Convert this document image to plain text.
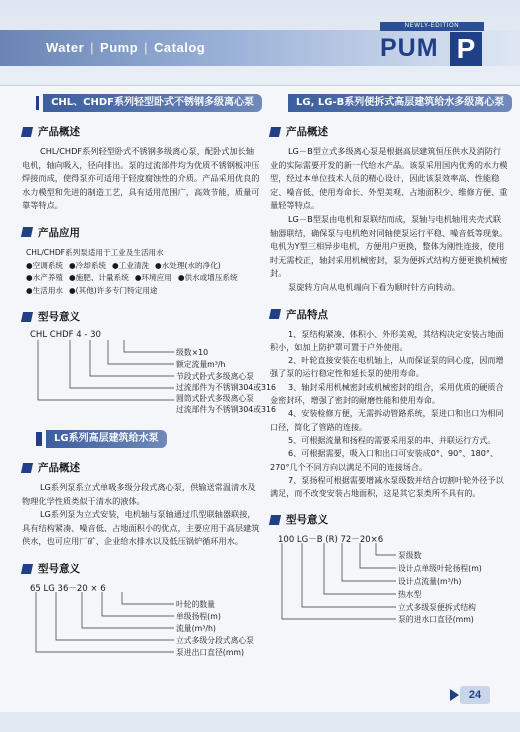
Water | Pump | Catalog
NEWLY-EDITION
PUM P
CHL、CHDF系列轻型卧式不锈钢多级离心泵
产品概述
CHL/CHDF系列轻型卧式不锈钢多级离心泵，配卧式加长轴电机，轴向吸入，径向排出。泵的过流部件均为优质不锈钢板冲压焊接而成，使得泵亦可适用于轻度腐蚀性的介质。产品采用优良的水力模型和先进的制造工艺，具有适用范围广，高效节能，质量可靠等特点。
产品应用
CHL/CHDF系列泵适用于工业及生活用水
●空调系统 ●冷却系统 ●工业清洗 ●水处理(水的净化)
●水产养殖 ●施肥、计量系统 ●环境应用 ●供水或增压系统
●生活用水 ●(其他)许多专门特定用途
型号意义
CHL CHDF 4 - 30
级数×10
额定流量m³/h
节段式卧式多级离心泵
过流部件为不锈钢304或316
圆筒式卧式多级离心泵
过流部件为不锈钢304或316
LG系列高层建筑给水泵
产品概述
LG系列泵系立式单吸多级分段式离心泵，供输送常温清水及物理化学性质类似于清水的液体。
LG系列泵为立式安装，电机轴与泵轴通过爪型联轴器联接，具有结构紧凑、噪音低、占地面积小的优点，主要应用于高层建筑供水，也可应用厂矿、企业给水排水以及低压锅炉循环用水。
型号意义
65 LG 36－20 × 6
叶轮的数量
单级扬程(m)
流量(m³/h)
立式多级分段式离心泵
泵进出口直径(mm)
LG, LG-B系列便拆式高层建筑给水多级离心泵
产品概述
LG－B型立式多级离心泵是根据高层建筑恒压供水及消防行业的实际需要开发的新一代给水产品。该泵采用国内优秀的水力模型，经过本单位技术人员的精心设计，因此该泵效率高、性能稳定、噪音低、使用寿命长、外型美观、占地面积少、维修方便、重量轻等特点。
LG－B型泵由电机和泵联结而成，泵轴与电机轴用夹壳式联轴器联结，确保泵与电机绝对同轴使泵运行平稳、噪音低等现象。电机为Y型三相异步电机，方便用户更换，整体为刚性连接，使用时无需校正，轴封采用机械密封，泵为便拆式结构方便更换机械密封。
泵旋转方向从电机端向下看为顺时针方向转动。
产品特点
1、泵结构紧凑、体积小、外形美观，其结构决定安装占地面积小，如加上防护罩可置于户外使用。
2、叶轮直接安装在电机轴上，从而保证泵的同心度，因而增强了泵的运行稳定性和延长泵的使用寿命。
3、轴封采用机械密封或机械密封的组合，采用优质的硬质合金密封环，增强了密封的耐磨性能和使用寿命。
4、安装检修方便，无需拆动管路系统，泵进口和出口为相同口径，简化了管路的连接。
5、可根据流量和扬程的需要采用泵的串、并联运行方式。
6、可根据需要，吸入口和出口可安装成0°、90°、180°、270°几个不同方向以满足不同的连接场合。
7、泵扬程可根据需要增减水泵级数并结合切割叶轮外径予以满足，而不改变安装占地面积，这是其它泵类所不具有的。
型号意义
100 LG－B (R) 72－20×6
泵级数
设计点单级叶轮扬程(m)
设计点流量(m³/h)
热水型
立式多级泵便拆式结构
泵的进水口直径(mm)
24
